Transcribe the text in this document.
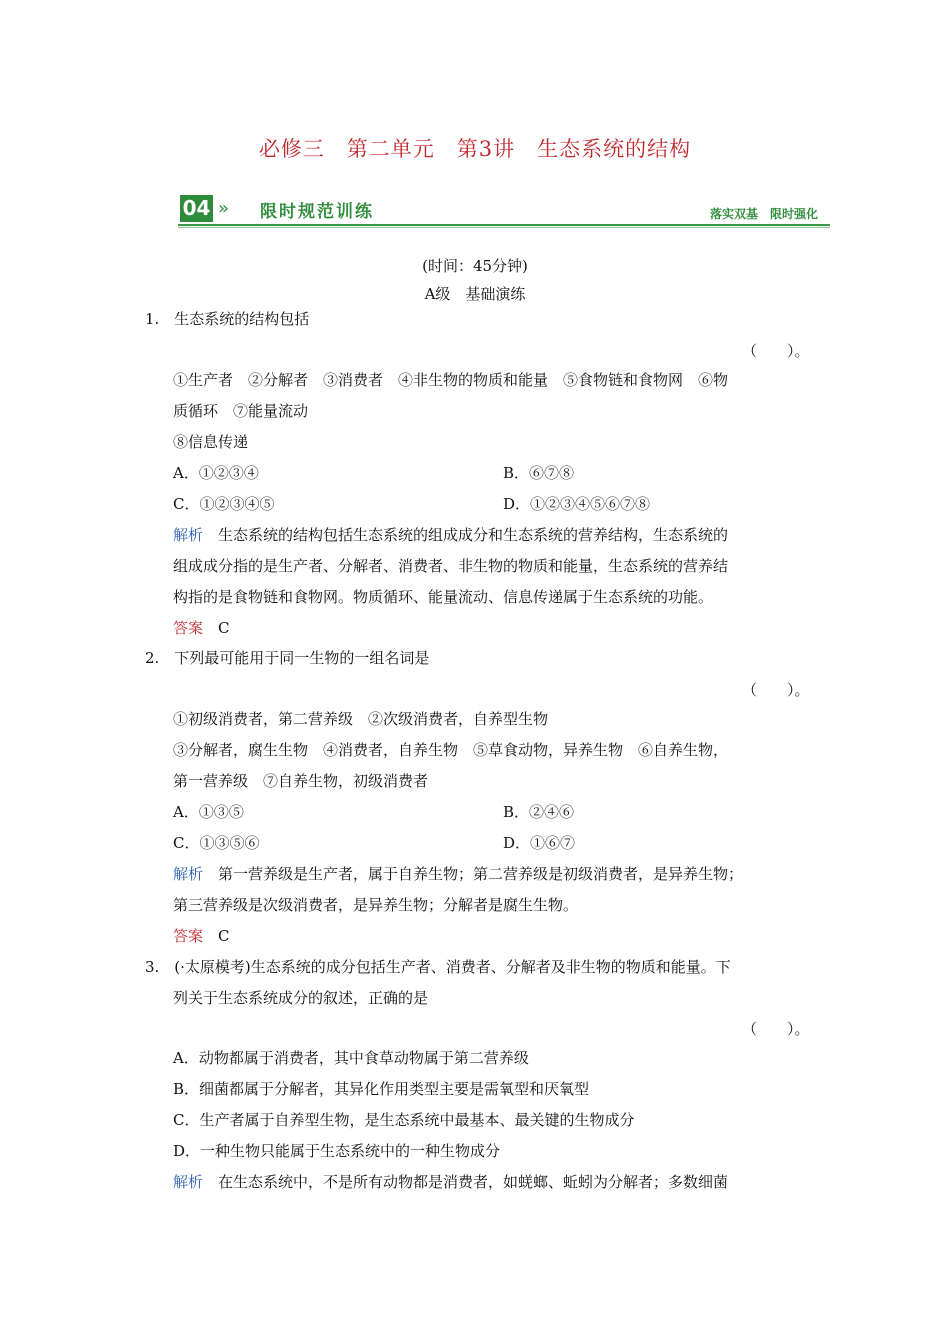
必修三　第二单元　第3讲　生态系统的结构
04 » 限时规范训练	落实双基　限时强化
(时间：45分钟)
A级　基础演练
1.　生态系统的结构包括
（　　）。
①生产者　②分解者　③消费者　④非生物的物质和能量　⑤食物链和食物网　⑥物
质循环　⑦能量流动
⑧信息传递
A．①②③④	B．⑥⑦⑧
C．①②③④⑤	D．①②③④⑤⑥⑦⑧
解析　生态系统的结构包括生态系统的组成成分和生态系统的营养结构，生态系统的
组成成分指的是生产者、分解者、消费者、非生物的物质和能量，生态系统的营养结
构指的是食物链和食物网。物质循环、能量流动、信息传递属于生态系统的功能。
答案　C
2.　下列最可能用于同一生物的一组名词是
（　　）。
①初级消费者，第二营养级　②次级消费者，自养型生物
③分解者，腐生生物　④消费者，自养生物　⑤草食动物，异养生物　⑥自养生物，
第一营养级　⑦自养生物，初级消费者
A．①③⑤	B．②④⑥
C．①③⑤⑥	D．①⑥⑦
解析　第一营养级是生产者，属于自养生物；第二营养级是初级消费者，是异养生物；
第三营养级是次级消费者，是异养生物；分解者是腐生生物。
答案　C
3.　(·太原模考)生态系统的成分包括生产者、消费者、分解者及非生物的物质和能量。下
列关于生态系统成分的叙述，正确的是
（　　）。
A．动物都属于消费者，其中食草动物属于第二营养级
B．细菌都属于分解者，其异化作用类型主要是需氧型和厌氧型
C．生产者属于自养型生物，是生态系统中最基本、最关键的生物成分
D．一种生物只能属于生态系统中的一种生物成分
解析　在生态系统中，不是所有动物都是消费者，如蜣螂、蚯蚓为分解者；多数细菌
